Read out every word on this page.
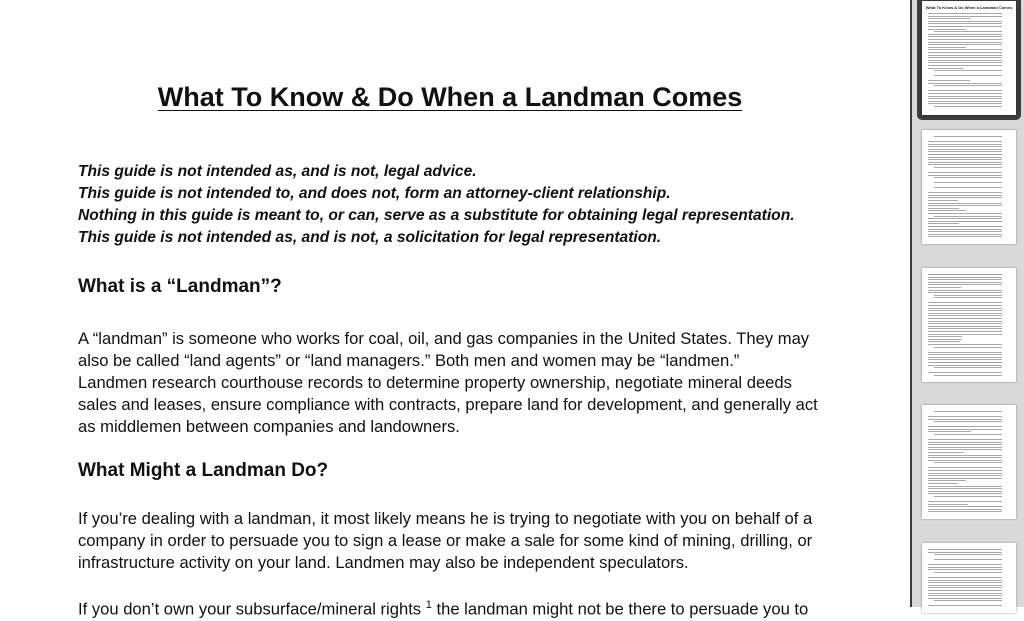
What To Know & Do When a Landman Comes
This guide is not intended as, and is not, legal advice.
This guide is not intended to, and does not, form an attorney-client relationship.
Nothing in this guide is meant to, or can, serve as a substitute for obtaining legal representation.
This guide is not intended as, and is not, a solicitation for legal representation.
What is a “Landman”?
A “landman” is someone who works for coal, oil, and gas companies in the United States. They may
also be called “land agents” or “land managers.” Both men and women may be “landmen.”
Landmen research courthouse records to determine property ownership, negotiate mineral deeds
sales and leases, ensure compliance with contracts, prepare land for development, and generally act
as middlemen between companies and landowners.
What Might a Landman Do?
If you’re dealing with a landman, it most likely means he is trying to negotiate with you on behalf of a
company in order to persuade you to sign a lease or make a sale for some kind of mining, drilling, or
infrastructure activity on your land. Landmen may also be independent speculators.
If you don’t own your subsurface/mineral rights $^1$ the landman might not be there to persuade you to
What To Know & Do When a Landman Comes
